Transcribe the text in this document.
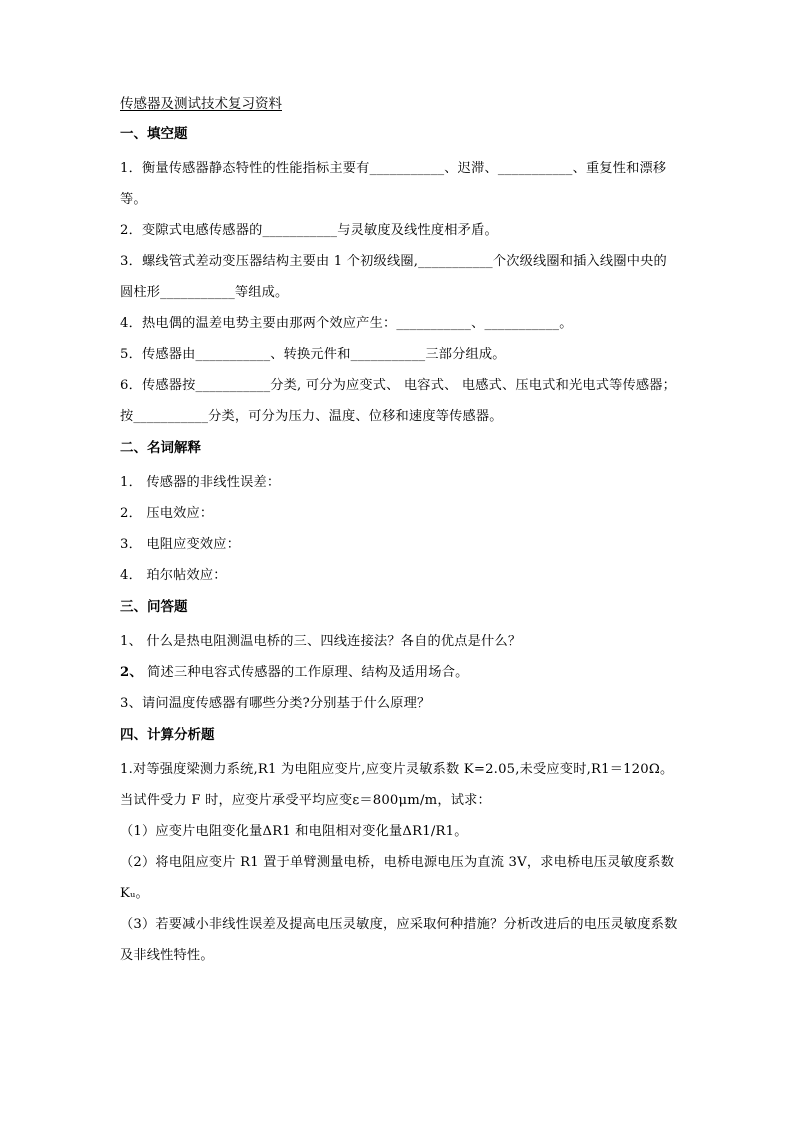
传感器及测试技术复习资料
一、填空题

1．衡量传感器静态特性的性能指标主要有___________、迟滞、___________、重复性和漂移等。

2．变隙式电感传感器的___________与灵敏度及线性度相矛盾。

3．螺线管式差动变压器结构主要由 1 个初级线圈,___________个次级线圈和插入线圈中央的圆柱形___________等组成。

4．热电偶的温差电势主要由那两个效应产生：___________、___________。

5．传感器由___________、转换元件和___________三部分组成。

6．传感器按___________分类, 可分为应变式、 电容式、 电感式、压电式和光电式等传感器；按___________分类，可分为压力、温度、位移和速度等传感器。

二、名词解释

1． 传感器的非线性误差：

2． 压电效应：

3． 电阻应变效应：

4． 珀尔帖效应：

三、问答题

1、 什么是热电阻测温电桥的三、四线连接法？各自的优点是什么？

2、 简述三种电容式传感器的工作原理、结构及适用场合。

3、请问温度传感器有哪些分类?分别基于什么原理？

四、计算分析题

1.对等强度梁测力系统,R1 为电阻应变片,应变片灵敏系数 K=2.05,未受应变时,R1＝120Ω。当试件受力 F 时，应变片承受平均应变ε＝800μm/m，试求：

（1）应变片电阻变化量ΔR1 和电阻相对变化量ΔR1/R1。

（2）将电阻应变片 R1 置于单臂测量电桥，电桥电源电压为直流 3V，求电桥电压灵敏度系数 Kᵤ。

（3）若要减小非线性误差及提高电压灵敏度，应采取何种措施？分析改进后的电压灵敏度系数及非线性特性。
